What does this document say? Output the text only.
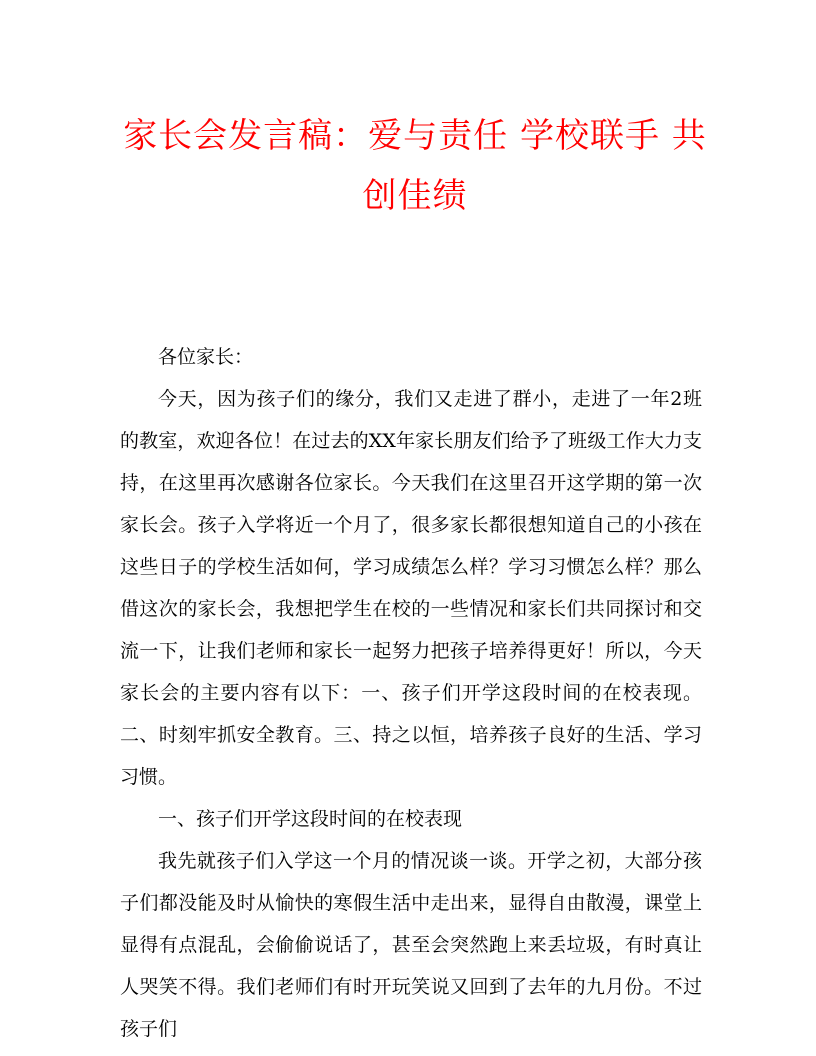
家长会发言稿：爱与责任 学校联手 共创佳绩

各位家长：

今天，因为孩子们的缘分，我们又走进了群小，走进了一年2班的教室，欢迎各位！在过去的XX年家长朋友们给予了班级工作大力支持，在这里再次感谢各位家长。今天我们在这里召开这学期的第一次家长会。孩子入学将近一个月了，很多家长都很想知道自己的小孩在这些日子的学校生活如何，学习成绩怎么样？学习习惯怎么样？那么借这次的家长会，我想把学生在校的一些情况和家长们共同探讨和交流一下，让我们老师和家长一起努力把孩子培养得更好！所以，今天家长会的主要内容有以下：一、孩子们开学这段时间的在校表现。二、时刻牢抓安全教育。三、持之以恒，培养孩子良好的生活、学习习惯。

一、孩子们开学这段时间的在校表现

我先就孩子们入学这一个月的情况谈一谈。开学之初，大部分孩子们都没能及时从愉快的寒假生活中走出来，显得自由散漫，课堂上显得有点混乱，会偷偷说话了，甚至会突然跑上来丢垃圾，有时真让人哭笑不得。我们老师们有时开玩笑说又回到了去年的九月份。不过孩子们
